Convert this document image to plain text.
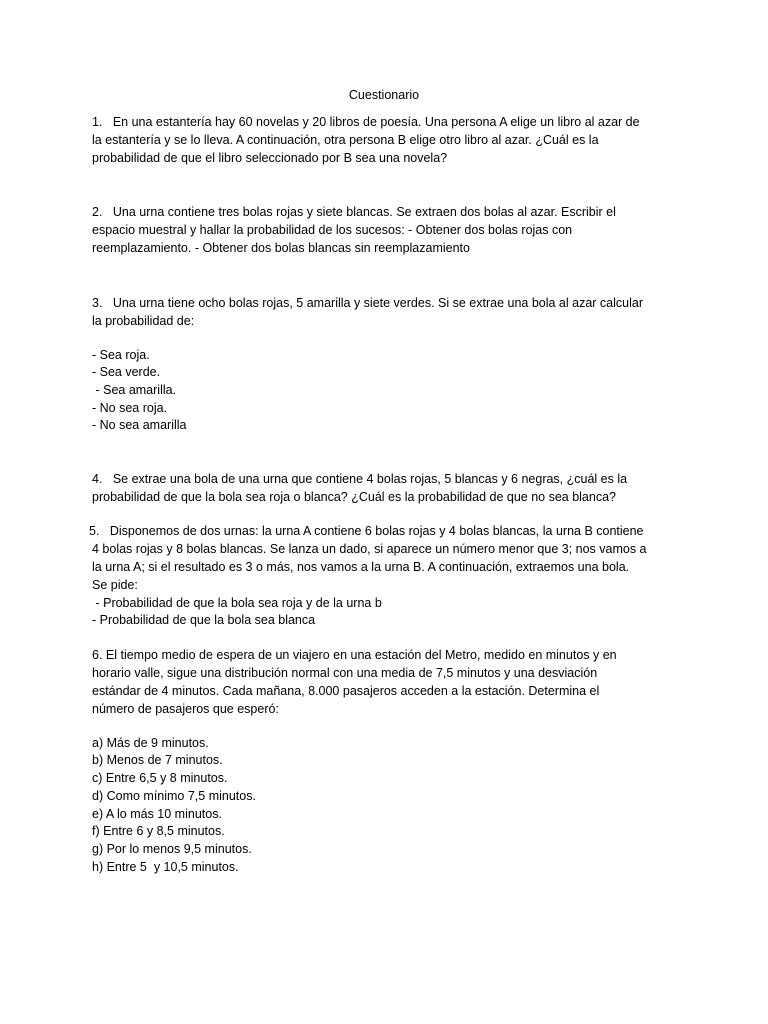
Cuestionario
1.   En una estantería hay 60 novelas y 20 libros de poesía. Una persona A elige un libro al azar de
la estantería y se lo lleva. A continuación, otra persona B elige otro libro al azar. ¿Cuál es la
probabilidad de que el libro seleccionado por B sea una novela?
2.   Una urna contiene tres bolas rojas y siete blancas. Se extraen dos bolas al azar. Escribir el
espacio muestral y hallar la probabilidad de los sucesos: - Obtener dos bolas rojas con
reemplazamiento. - Obtener dos bolas blancas sin reemplazamiento
3.   Una urna tiene ocho bolas rojas, 5 amarilla y siete verdes. Si se extrae una bola al azar calcular
la probabilidad de:
- Sea roja.
- Sea verde.
- Sea amarilla.
- No sea roja.
- No sea amarilla
4.   Se extrae una bola de una urna que contiene 4 bolas rojas, 5 blancas y 6 negras, ¿cuál es la
probabilidad de que la bola sea roja o blanca? ¿Cuál es la probabilidad de que no sea blanca?
5.   Disponemos de dos urnas: la urna A contiene 6 bolas rojas y 4 bolas blancas, la urna B contiene
4 bolas rojas y 8 bolas blancas. Se lanza un dado, si aparece un número menor que 3; nos vamos a
la urna A; si el resultado es 3 o más, nos vamos a la urna B. A continuación, extraemos una bola.
Se pide:
- Probabilidad de que la bola sea roja y de la urna b
- Probabilidad de que la bola sea blanca
6. El tiempo medio de espera de un viajero en una estación del Metro, medido en minutos y en
horario valle, sigue una distribución normal con una media de 7,5 minutos y una desviación
estándar de 4 minutos. Cada mañana, 8.000 pasajeros acceden a la estación. Determina el
número de pasajeros que esperó:
a) Más de 9 minutos.
b) Menos de 7 minutos.
c) Entre 6,5 y 8 minutos.
d) Como mínimo 7,5 minutos.
e) A lo más 10 minutos.
f) Entre 6 y 8,5 minutos.
g) Por lo menos 9,5 minutos.
h) Entre 5  y 10,5 minutos.
